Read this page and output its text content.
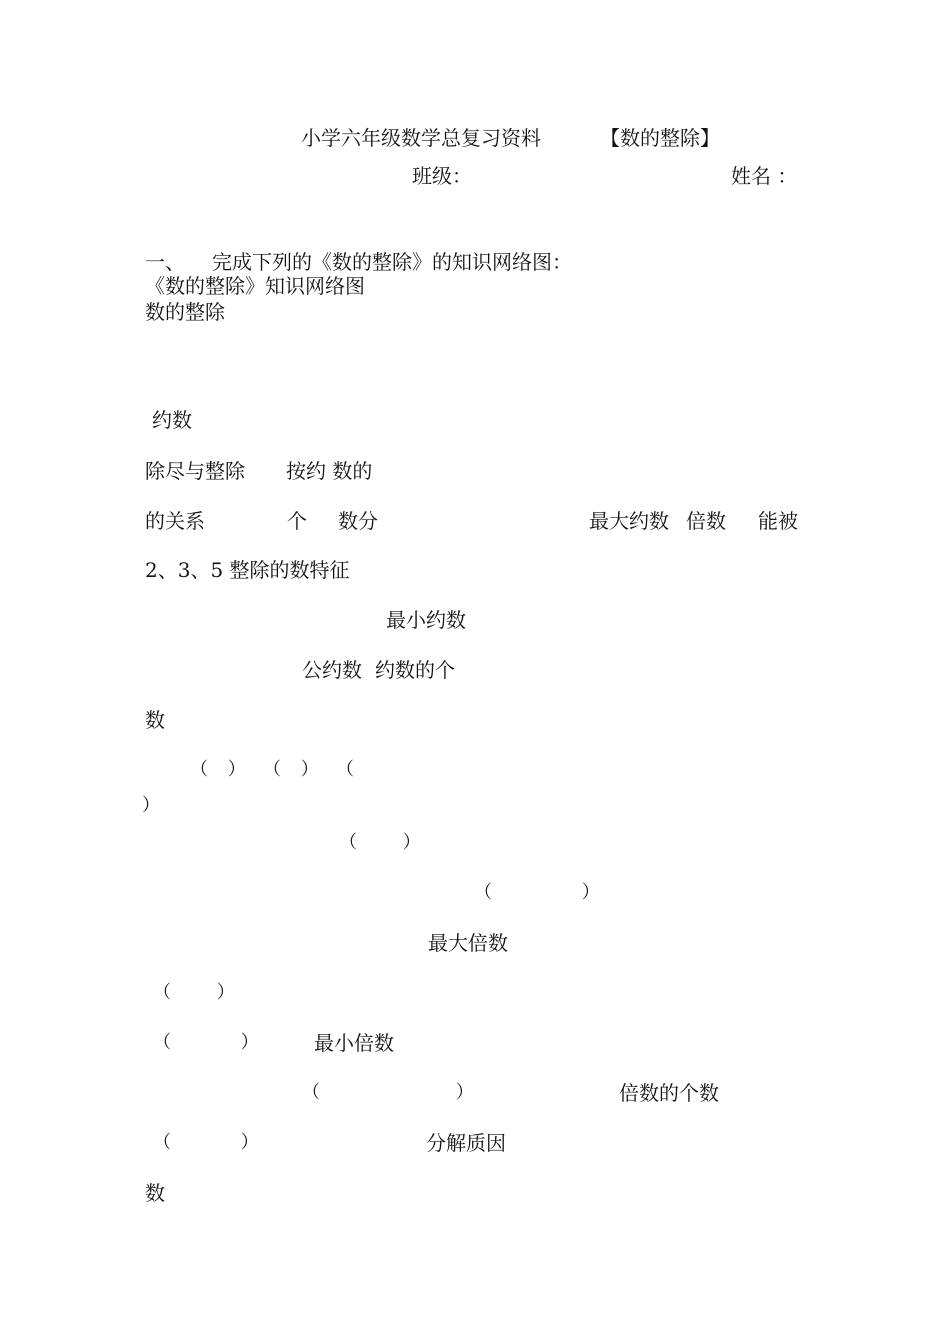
小学六年级数学总复习资料	【数的整除】
班级：	姓名 ：
一、 完成下列的《数的整除》的知识网络图：
《数的整除》知识网络图
数的整除
约数
除尽与整除 按约 数的
的关系	个 数分	最大约数 倍数 能被
2、3、5 整除的数特征
最小约数
公约数 约数的个
数
（ ） （ ） （
）
（ ）
（ ）
最大倍数
（ ）
（ ）	最小倍数
（ ）	倍数的个数
（ ）	分解质因
数
